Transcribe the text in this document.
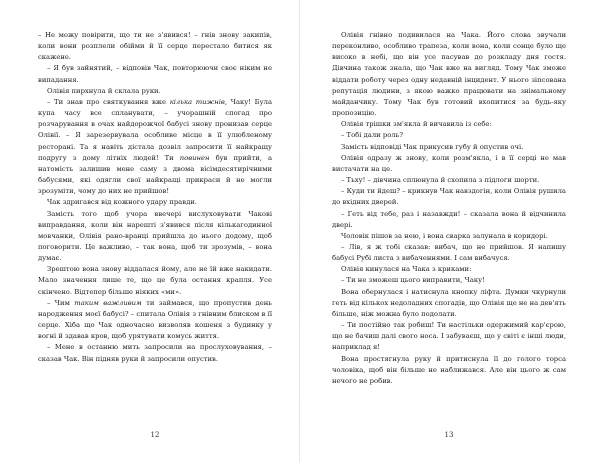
– Не можу повірити, що ти не з'явився! – гнів знову закипів, коли вони розплели обійми й її серце перестало битися як скажене.

– Я був зайнятий, – відповів Чак, повторюючи своє ніким не випадання.

Олівія пирхнула й склала руки.

– Ти знав про святкування вже кілька тижнів, Чаку! Була купа часу все спланувати, – учорашній спогад про розчарування в очах найдорожчої бабусі знову пронизав серце Олівії. – Я зарезервувала особливе місце в її улюбленому ресторані. Та я навіть дістала дозвіл запросити її найкращу подругу з дому літніх людей! Ти повинен був прийти, а натомість залишив мене саму з двома вісімдесятирічними бабусями, які одягли свої найкращі прикраси й не могли зрозуміти, чому до них не прийшов!

Чак здригався від кожного удару правди.

Замість того щоб учора ввечері вислуховувати Чакові виправдання, коли він нарешті з'явився після кількагодинної мовчанки, Олівія рано-вранці прийшла до нього додому, щоб поговорити. Це важливо, – так вона, щоб ти зрозумів, – вона думає.

Зрештою вона знову віддалася йому, але не їй вже накидати. Мало значення лише те, що це була остання крапля. Усе скінчено. Відтепер більше ніяких «ми».

– Чим таким важливим ти займався, що пропустив день народження моєї бабусі? – спитала Олівія з гнівним блиском в її серце. Хіба що Чак одночасно визволяв кошеня з будинку у вогні й здавав кров, щоб урятувати комусь життя.

– Мене в останню мить запросили на прослуховування, – сказав Чак. Він підняв руки й запросили опустив.

12

Олівія гнівно подивилася на Чака. Його слова звучали переконливо, особливо трапеза, коли вона, коли сонце було ще високо в небі, що він усе пасував до розкладу дня гостя. Дівчина також знала, що Чак вже на вигляд. Тому Чак зможе віддати роботу через одну недавній інцидент. У нього зіпсована репутація людини, з якою важко працювати на знімальному майданчику. Тому Чак був готовий вхопитися за будь-яку пропозицію.

Олівія трішки зм'якла й вичавила із себе:

– Тобі дали роль?

Замість відповіді Чак прикусив губу й опустив очі.

Олівія одразу ж знову, коли розм'якла, і в її серці не мав вистачати на це.

– Тьху! – дівчина сплюнула й схопила з підлоги шорти.

– Куди ти йдеш? – крикнув Чак навздогін, коли Олівія рушила до вхідних дверей.

– Геть від тебе, раз і назавжди! – сказала вона й відчинила двері.

Чоловік пішов за нею, і вона сварка залунала в коридорі.

– Лів, я ж тобі сказав: вибач, що не прийшов. Я напишу бабусі Рубі листа з вибаченнями. І сам вибачуся.

Олівія кинулася на Чака з криками:

– Ти не зможеш цього виправити, Чаку!

Вона обернулася і натиснула кнопку ліфта. Думки чкурнули геть від кількох недоладних спогадів, що Олівія ще не на дев'ять більше, ніж можна було подолати.

– Ти постійно так робиш! Ти настільки одержимий кар'єрою, що не бачиш далі свого носа. І забуваєш, що у світі є інші люди, наприклад я!

Вона простягнула руку й притиснула її до голого торса чоловіка, щоб він більше не наближався. Але він цього ж сам нечого не робив.

13
